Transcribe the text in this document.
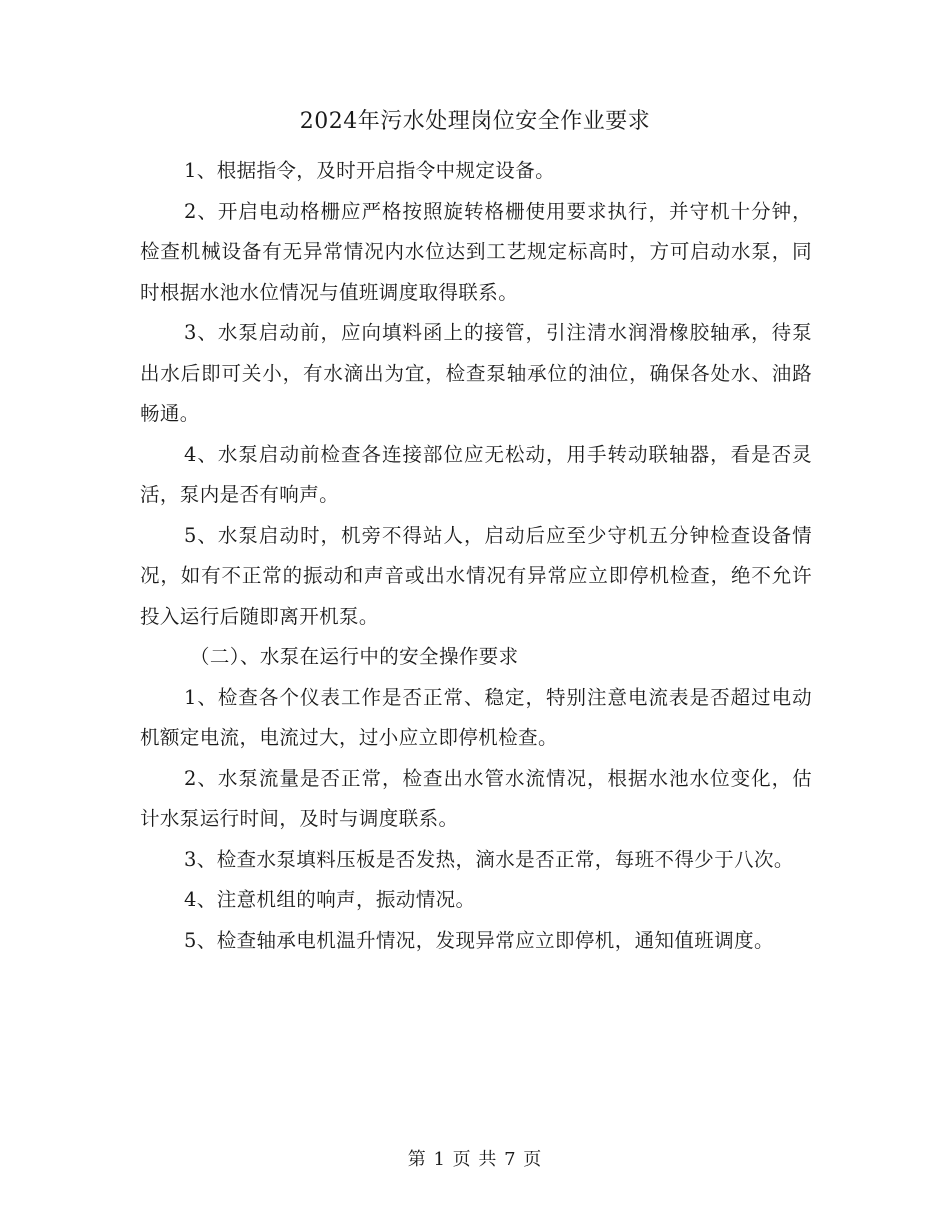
2024年污水处理岗位安全作业要求

1、根据指令，及时开启指令中规定设备。

2、开启电动格栅应严格按照旋转格栅使用要求执行，并守机十分钟，检查机械设备有无异常情况内水位达到工艺规定标高时，方可启动水泵，同时根据水池水位情况与值班调度取得联系。

3、水泵启动前，应向填料函上的接管，引注清水润滑橡胶轴承，待泵出水后即可关小，有水滴出为宜，检查泵轴承位的油位，确保各处水、油路畅通。

4、水泵启动前检查各连接部位应无松动，用手转动联轴器，看是否灵活，泵内是否有响声。

5、水泵启动时，机旁不得站人，启动后应至少守机五分钟检查设备情况，如有不正常的振动和声音或出水情况有异常应立即停机检查，绝不允许投入运行后随即离开机泵。

（二）、水泵在运行中的安全操作要求

1、检查各个仪表工作是否正常、稳定，特别注意电流表是否超过电动机额定电流，电流过大，过小应立即停机检查。

2、水泵流量是否正常，检查出水管水流情况，根据水池水位变化，估计水泵运行时间，及时与调度联系。

3、检查水泵填料压板是否发热，滴水是否正常，每班不得少于八次。

4、注意机组的响声，振动情况。

5、检查轴承电机温升情况，发现异常应立即停机，通知值班调度。

第 1 页 共 7 页
